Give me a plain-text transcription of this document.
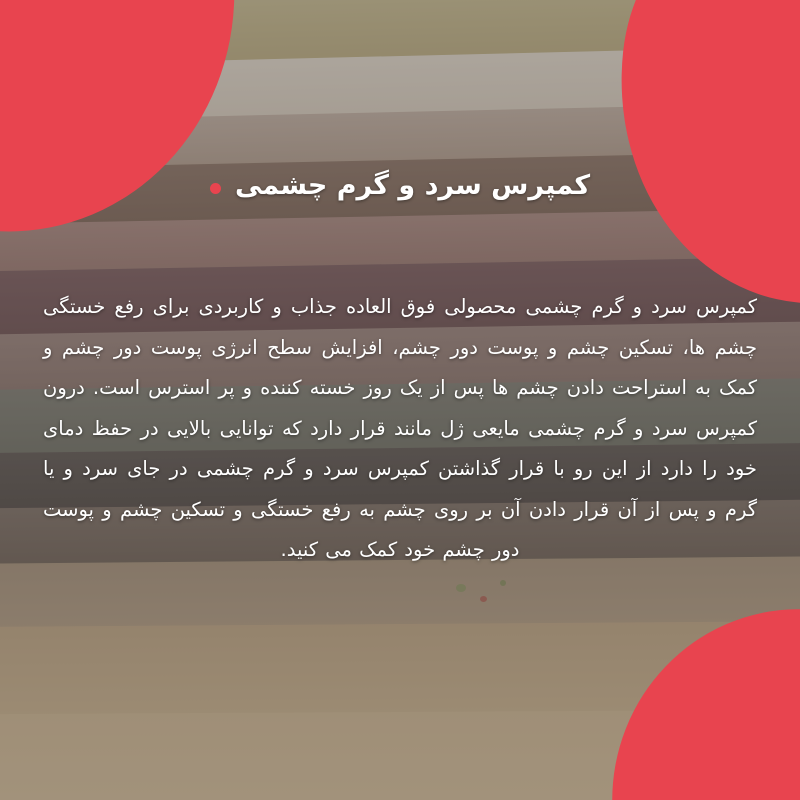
کمپرس سرد و گرم چشمی
کمپرس سرد و گرم چشمی محصولی فوق العاده جذاب و کاربردی برای رفع خستگی چشم ها، تسکین چشم و پوست دور چشم، افزایش سطح انرژی پوست دور چشم و کمک به استراحت دادن چشم ها پس از یک روز خسته کننده و پر استرس است. درون کمپرس سرد و گرم چشمی مایعی ژل مانند قرار دارد که توانایی بالایی در حفظ دمای خود را دارد از این رو با قرار گذاشتن کمپرس سرد و گرم چشمی در جای سرد و یا گرم و پس از آن قرار دادن آن بر روی چشم به رفع خستگی و تسکین چشم و پوست دور چشم خود کمک می کنید.
